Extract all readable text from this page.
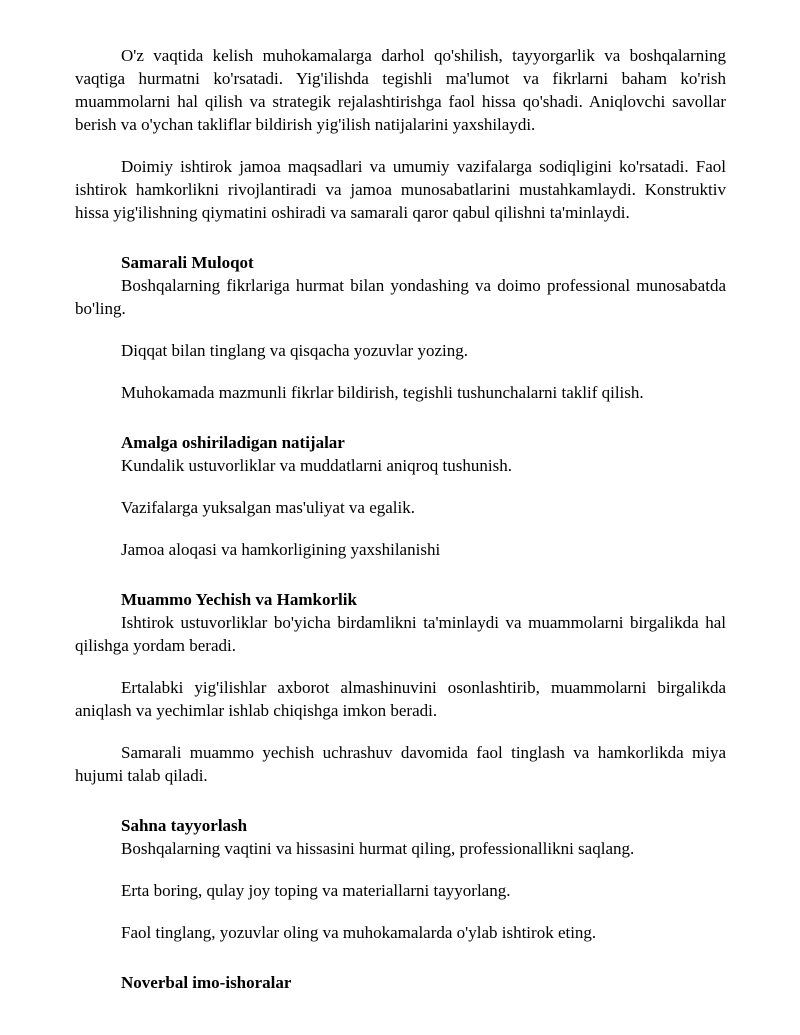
O'z vaqtida kelish muhokamalarga darhol qo'shilish, tayyorgarlik va boshqalarning vaqtiga hurmatni ko'rsatadi. Yig'ilishda tegishli ma'lumot va fikrlarni baham ko'rish muammolarni hal qilish va strategik rejalashtirishga faol hissa qo'shadi. Aniqlovchi savollar berish va o'ychan takliflar bildirish yig'ilish natijalarini yaxshilaydi.

Doimiy ishtirok jamoa maqsadlari va umumiy vazifalarga sodiqligini ko'rsatadi. Faol ishtirok hamkorlikni rivojlantiradi va jamoa munosabatlarini mustahkamlaydi. Konstruktiv hissa yig'ilishning qiymatini oshiradi va samarali qaror qabul qilishni ta'minlaydi.

Samarali Muloqot

Boshqalarning fikrlariga hurmat bilan yondashing va doimo professional munosabatda bo'ling.

Diqqat bilan tinglang va qisqacha yozuvlar yozing.

Muhokamada mazmunli fikrlar bildirish, tegishli tushunchalarni taklif qilish.

Amalga oshiriladigan natijalar

Kundalik ustuvorliklar va muddatlarni aniqroq tushunish.

Vazifalarga yuksalgan mas'uliyat va egalik.

Jamoa aloqasi va hamkorligining yaxshilanishi

Muammo Yechish va Hamkorlik

Ishtirok ustuvorliklar bo'yicha birdamlikni ta'minlaydi va muammolarni birgalikda hal qilishga yordam beradi.

Ertalabki yig'ilishlar axborot almashinuvini osonlashtirib, muammolarni birgalikda aniqlash va yechimlar ishlab chiqishga imkon beradi.

Samarali muammo yechish uchrashuv davomida faol tinglash va hamkorlikda miya hujumi talab qiladi.

Sahna tayyorlash

Boshqalarning vaqtini va hissasini hurmat qiling, professionallikni saqlang.

Erta boring, qulay joy toping va materiallarni tayyorlang.

Faol tinglang, yozuvlar oling va muhokamalarda o'ylab ishtirok eting.

Noverbal imo-ishoralar
